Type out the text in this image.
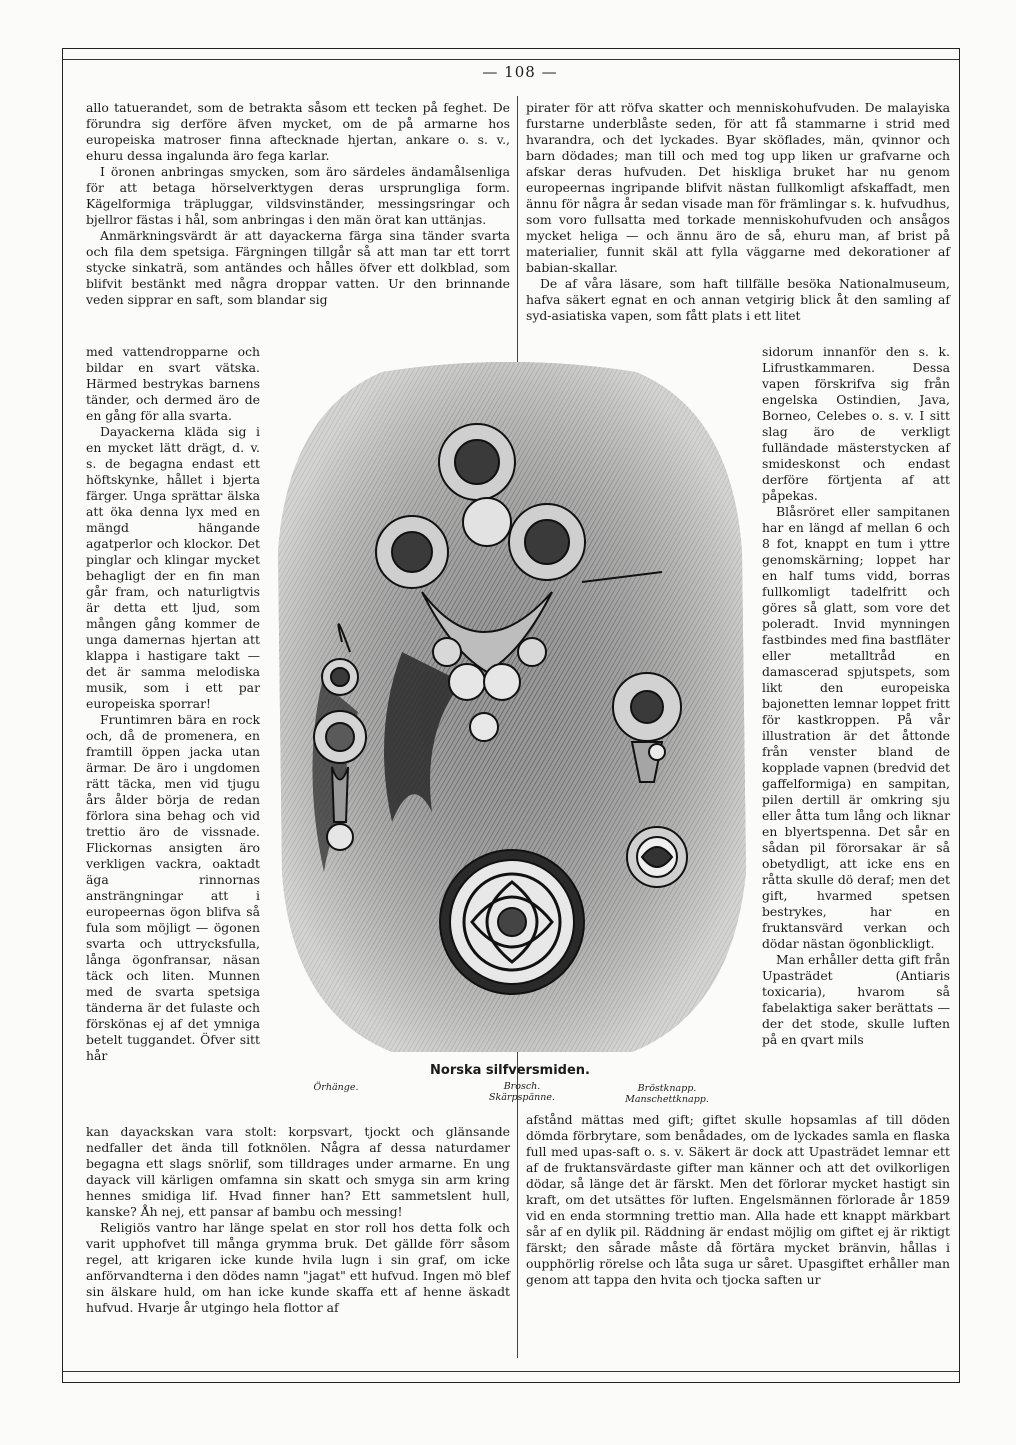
— 108 —

allo tatuerandet, som de betrakta såsom ett tecken på feghet. De förundra sig derföre äfven mycket, om de på armarne hos europeiska matroser finna aftecknade hjertan, ankare o. s. v., ehuru dessa ingalunda äro fega karlar.

I öronen anbringas smycken, som äro särdeles ändamålsenliga för att betaga hörselverktygen deras ursprungliga form. Kägelformiga träpluggar, vildsvinständer, messingsringar och bjellror fästas i hål, som anbringas i den män örat kan uttänjas.

Anmärkningsvärdt är att dayackerna färga sina tänder svarta och fila dem spetsiga. Färgningen tillgår så att man tar ett torrt stycke sinkaträ, som antändes och hålles öfver ett dolkblad, som blifvit bestänkt med några droppar vatten. Ur den brinnande veden sipprar en saft, som blandar sig

pirater för att röfva skatter och menniskohufvuden. De malayiska furstarne underblåste seden, för att få stammarne i strid med hvarandra, och det lyckades. Byar sköflades, män, qvinnor och barn dödades; man till och med tog upp liken ur grafvarne och afskar deras hufvuden. Det hiskliga bruket har nu genom europeernas ingripande blifvit nästan fullkomligt afskaffadt, men ännu för några år sedan visade man för främlingar s. k. hufvudhus, som voro fullsatta med torkade menniskohufvuden och ansågos mycket heliga — och ännu äro de så, ehuru man, af brist på materialier, funnit skäl att fylla väggarne med dekorationer af babian-skallar.

De af våra läsare, som haft tillfälle besöka Nationalmuseum, hafva säkert egnat en och annan vetgirig blick åt den samling af syd-asiatiska vapen, som fått plats i ett litet

med vattendropparne och bildar en svart vätska. Härmed bestrykas barnens tänder, och dermed äro de en gång för alla svarta.

Dayackerna kläda sig i en mycket lätt drägt, d. v. s. de begagna endast ett höftskynke, hållet i bjerta färger. Unga sprättar älska att öka denna lyx med en mängd hängande agatperlor och klockor. Det pinglar och klingar mycket behagligt der en fin man går fram, och naturligtvis är detta ett ljud, som mången gång kommer de unga damernas hjertan att klappa i hastigare takt — det är samma melodiska musik, som i ett par europeiska sporrar!

Fruntimren bära en rock och, då de promenera, en framtill öppen jacka utan ärmar. De äro i ungdomen rätt täcka, men vid tjugu års ålder börja de redan förlora sina behag och vid trettio äro de vissnade. Flickornas ansigten äro verkligen vackra, oaktadt äga rinnornas ansträngningar att i europeernas ögon blifva så fula som möjligt — ögonen svarta och uttrycksfulla, långa ögonfransar, näsan täck och liten. Munnen med de svarta spetsiga tänderna är det fulaste och förskönas ej af det ymniga betelt tuggandet. Öfver sitt hår

sidorum innanför den s. k. Lifrustkammaren. Dessa vapen förskrifva sig från engelska Ostindien, Java, Borneo, Celebes o. s. v. I sitt slag äro de verkligt fulländade mästerstycken af smideskonst och endast derföre förtjenta af att påpekas.

Blåsröret eller sampitanen har en längd af mellan 6 och 8 fot, knappt en tum i yttre genomskärning; loppet har en half tums vidd, borras fullkomligt tadelfritt och göres så glatt, som vore det poleradt. Invid mynningen fastbindes med fina bastfläter eller metalltråd en damascerad spjutspets, som likt den europeiska bajonetten lemnar loppet fritt för kastkroppen. På vår illustration är det åttonde från venster bland de kopplade vapnen (bredvid det gaffelformiga) en sampitan, pilen dertill är omkring sju eller åtta tum lång och liknar en blyertspenna. Det sår en sådan pil förorsakar är så obetydligt, att icke ens en råtta skulle dö deraf; men det gift, hvarmed spetsen bestrykes, har en fruktansvärd verkan och dödar nästan ögonblickligt.

Man erhåller detta gift från Upasträdet (Antiaris toxicaria), hvarom så fabelaktiga saker berättats — der det stode, skulle luften på en qvart mils

kan dayackskan vara stolt: korpsvart, tjockt och glänsande nedfaller det ända till fotknölen. Några af dessa naturdamer begagna ett slags snörlif, som tilldrages under armarne. En ung dayack vill kärligen omfamna sin skatt och smyga sin arm kring hennes smidiga lif. Hvad finner han? Ett sammetslent hull, kanske? Åh nej, ett pansar af bambu och messing!

Religiös vantro har länge spelat en stor roll hos detta folk och varit upphofvet till många grymma bruk. Det gällde förr såsom regel, att krigaren icke kunde hvila lugn i sin graf, om icke anförvandterna i den dödes namn "jagat" ett hufvud. Ingen mö blef sin älskare huld, om han icke kunde skaffa ett af henne äskadt hufvud. Hvarje år utgingo hela flottor af

afstånd mättas med gift; giftet skulle hopsamlas af till döden dömda förbrytare, som benådades, om de lyckades samla en flaska full med upas-saft o. s. v. Säkert är dock att Upasträdet lemnar ett af de fruktansvärdaste gifter man känner och att det ovilkorligen dödar, så länge det är färskt. Men det förlorar mycket hastigt sin kraft, om det utsättes för luften. Engelsmännen förlorade år 1859 vid en enda stormning trettio man. Alla hade ett knappt märkbart sår af en dylik pil. Räddning är endast möjlig om giftet ej är riktigt färskt; den sårade måste då förtära mycket bränvin, hållas i oupphörlig rörelse och låta suga ur såret. Upasgiftet erhåller man genom att tappa den hvita och tjocka saften ur

Norska silfversmiden.
Örhänge.	Brosch.
Skärpspänne.
Bröstknapp.
Manschettknapp.
